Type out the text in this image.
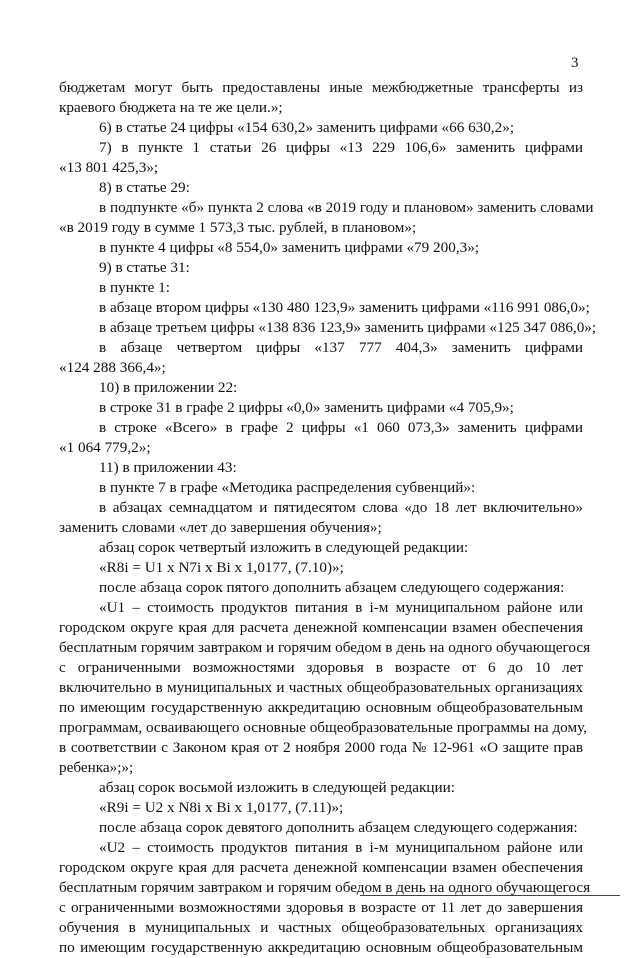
3
бюджетам могут быть предоставлены иные межбюджетные трансферты из
краевого бюджета на те же цели.»;
6) в статье 24 цифры «154 630,2» заменить цифрами «66 630,2»;
7) в пункте 1 статьи 26 цифры «13 229 106,6» заменить цифрами
«13 801 425,3»;
8) в статье 29:
в подпункте «б» пункта 2 слова «в 2019 году и плановом» заменить словами
«в 2019 году в сумме 1 573,3 тыс. рублей, в плановом»;
в пункте 4 цифры «8 554,0» заменить цифрами «79 200,3»;
9) в статье 31:
в пункте 1:
в абзаце втором цифры «130 480 123,9» заменить цифрами «116 991 086,0»;
в абзаце третьем цифры «138 836 123,9» заменить цифрами «125 347 086,0»;
в абзаце четвертом цифры «137 777 404,3» заменить цифрами
«124 288 366,4»;
10) в приложении 22:
в строке 31 в графе 2 цифры «0,0» заменить цифрами «4 705,9»;
в строке «Всего» в графе 2 цифры «1 060 073,3» заменить цифрами
«1 064 779,2»;
11) в приложении 43:
в пункте 7 в графе «Методика распределения субвенций»:
в абзацах семнадцатом и пятидесятом слова «до 18 лет включительно»
заменить словами «лет до завершения обучения»;
абзац сорок четвертый изложить в следующей редакции:
«R8i = U1 x N7i x Bi x 1,0177, (7.10)»;
после абзаца сорок пятого дополнить абзацем следующего содержания:
«U1 – стоимость продуктов питания в i-м муниципальном районе или
городском округе края для расчета денежной компенсации взамен обеспечения
бесплатным горячим завтраком и горячим обедом в день на одного обучающегося
с ограниченными возможностями здоровья в возрасте от 6 до 10 лет
включительно в муниципальных и частных общеобразовательных организациях
по имеющим государственную аккредитацию основным общеобразовательным
программам, осваивающего основные общеобразовательные программы на дому,
в соответствии с Законом края от 2 ноября 2000 года № 12-961 «О защите прав
ребенка»;»;
абзац сорок восьмой изложить в следующей редакции:
«R9i = U2 x N8i x Bi x 1,0177, (7.11)»;
после абзаца сорок девятого дополнить абзацем следующего содержания:
«U2 – стоимость продуктов питания в i-м муниципальном районе или
городском округе края для расчета денежной компенсации взамен обеспечения
бесплатным горячим завтраком и горячим обедом в день на одного обучающегося
с ограниченными возможностями здоровья в возрасте от 11 лет до завершения
обучения в муниципальных и частных общеобразовательных организациях
по имеющим государственную аккредитацию основным общеобразовательным
